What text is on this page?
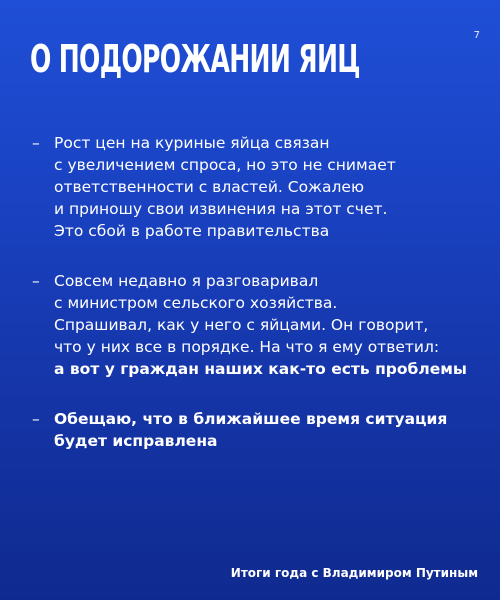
7
О ПОДОРОЖАНИИ ЯИЦ
– Рост цен на куриные яйца связан
с увеличением спроса, но это не снимает
ответственности с властей. Сожалею
и приношу свои извинения на этот счет.
Это сбой в работе правительства
– Совсем недавно я разговаривал
с министром сельского хозяйства.
Спрашивал, как у него с яйцами. Он говорит,
что у них все в порядке. На что я ему ответил:
а вот у граждан наших как-то есть проблемы
– Обещаю, что в ближайшее время ситуация
будет исправлена
Итоги года с Владимиром Путиным
